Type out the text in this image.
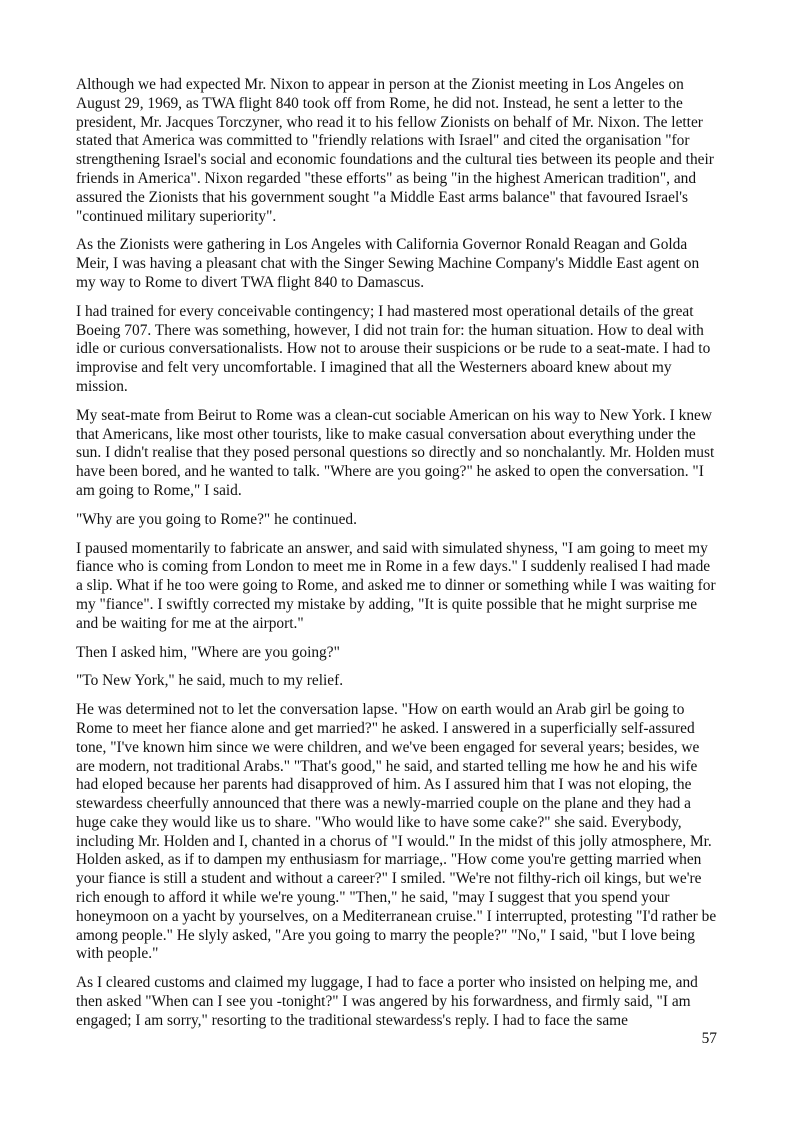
Although we had expected Mr. Nixon to appear in person at the Zionist meeting in Los Angeles on August 29, 1969, as TWA flight 840 took off from Rome, he did not. Instead, he sent a letter to the president, Mr. Jacques Torczyner, who read it to his fellow Zionists on behalf of Mr. Nixon. The letter stated that America was committed to "friendly relations with Israel" and cited the organisation "for strengthening Israel's social and economic foundations and the cultural ties between its people and their friends in America". Nixon regarded "these efforts" as being "in the highest American tradition", and assured the Zionists that his government sought "a Middle East arms balance" that favoured Israel's "continued military superiority".

As the Zionists were gathering in Los Angeles with California Governor Ronald Reagan and Golda Meir, I was having a pleasant chat with the Singer Sewing Machine Company's Middle East agent on my way to Rome to divert TWA flight 840 to Damascus.

I had trained for every conceivable contingency; I had mastered most operational details of the great Boeing 707. There was something, however, I did not train for: the human situation. How to deal with idle or curious conversationalists. How not to arouse their suspicions or be rude to a seat-mate. I had to improvise and felt very uncomfortable. I imagined that all the Westerners aboard knew about my mission.

My seat-mate from Beirut to Rome was a clean-cut sociable American on his way to New York. I knew that Americans, like most other tourists, like to make casual conversation about everything under the sun. I didn't realise that they posed personal questions so directly and so nonchalantly. Mr. Holden must have been bored, and he wanted to talk. "Where are you going?" he asked to open the conversation. "I am going to Rome," I said.

"Why are you going to Rome?" he continued.

I paused momentarily to fabricate an answer, and said with simulated shyness, "I am going to meet my fiance who is coming from London to meet me in Rome in a few days." I suddenly realised I had made a slip. What if he too were going to Rome, and asked me to dinner or something while I was waiting for my "fiance". I swiftly corrected my mistake by adding, "It is quite possible that he might surprise me and be waiting for me at the airport."

Then I asked him, "Where are you going?"

"To New York," he said, much to my relief.

He was determined not to let the conversation lapse. "How on earth would an Arab girl be going to Rome to meet her fiance alone and get married?" he asked. I answered in a superficially self-assured tone, "I've known him since we were children, and we've been engaged for several years; besides, we are modern, not traditional Arabs." "That's good," he said, and started telling me how he and his wife had eloped because her parents had disapproved of him. As I assured him that I was not eloping, the stewardess cheerfully announced that there was a newly-married couple on the plane and they had a huge cake they would like us to share. "Who would like to have some cake?" she said. Everybody, including Mr. Holden and I, chanted in a chorus of "I would." In the midst of this jolly atmosphere, Mr. Holden asked, as if to dampen my enthusiasm for marriage,. "How come you're getting married when your fiance is still a student and without a career?" I smiled. "We're not filthy-rich oil kings, but we're rich enough to afford it while we're young." "Then," he said, "may I suggest that you spend your honeymoon on a yacht by yourselves, on a Mediterranean cruise." I interrupted, protesting "I'd rather be among people." He slyly asked, "Are you going to marry the people?" "No," I said, "but I love being with people."

As I cleared customs and claimed my luggage, I had to face a porter who insisted on helping me, and then asked "When can I see you -tonight?" I was angered by his forwardness, and firmly said, "I am engaged; I am sorry," resorting to the traditional stewardess's reply. I had to face the same

57
